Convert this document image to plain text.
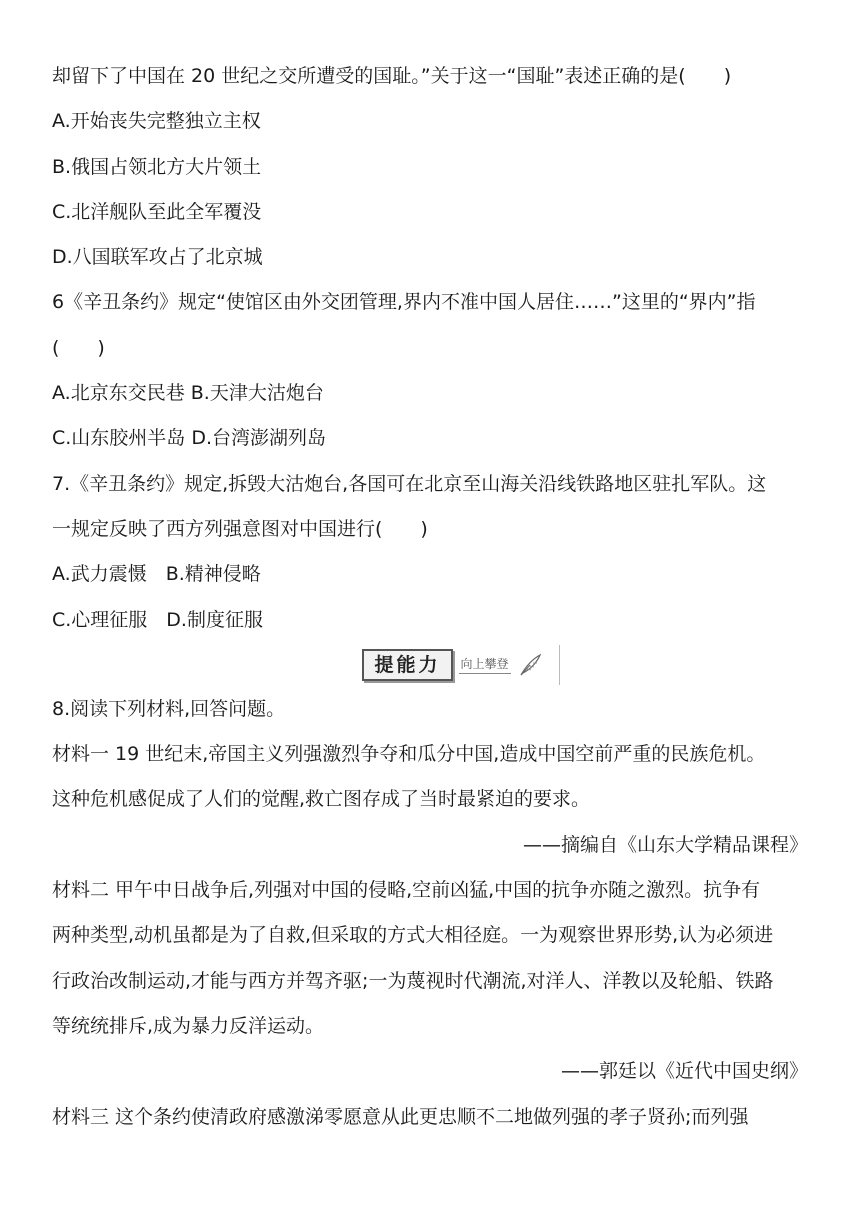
却留下了中国在 20 世纪之交所遭受的国耻。”关于这一“国耻”表述正确的是(　　)
A.开始丧失完整独立主权
B.俄国占领北方大片领土
C.北洋舰队至此全军覆没
D.八国联军攻占了北京城
6《辛丑条约》规定“使馆区由外交团管理,界内不准中国人居住……”这里的“界内”指
(　　)
A.北京东交民巷 B.天津大沽炮台
C.山东胶州半岛 D.台湾澎湖列岛
7.《辛丑条约》规定,拆毁大沽炮台,各国可在北京至山海关沿线铁路地区驻扎军队。这
一规定反映了西方列强意图对中国进行(　　)
A.武力震慑　B.精神侵略
C.心理征服　D.制度征服
提能力	向上攀登
8.阅读下列材料,回答问题。
材料一 19 世纪末,帝国主义列强激烈争夺和瓜分中国,造成中国空前严重的民族危机。
这种危机感促成了人们的觉醒,救亡图存成了当时最紧迫的要求。
——摘编自《山东大学精品课程》
材料二 甲午中日战争后,列强对中国的侵略,空前凶猛,中国的抗争亦随之激烈。抗争有
两种类型,动机虽都是为了自救,但采取的方式大相径庭。一为观察世界形势,认为必须进
行政治改制运动,才能与西方并驾齐驱;一为蔑视时代潮流,对洋人、洋教以及轮船、铁路
等统统排斥,成为暴力反洋运动。
——郭廷以《近代中国史纲》
材料三 这个条约使清政府感激涕零愿意从此更忠顺不二地做列强的孝子贤孙;而列强
